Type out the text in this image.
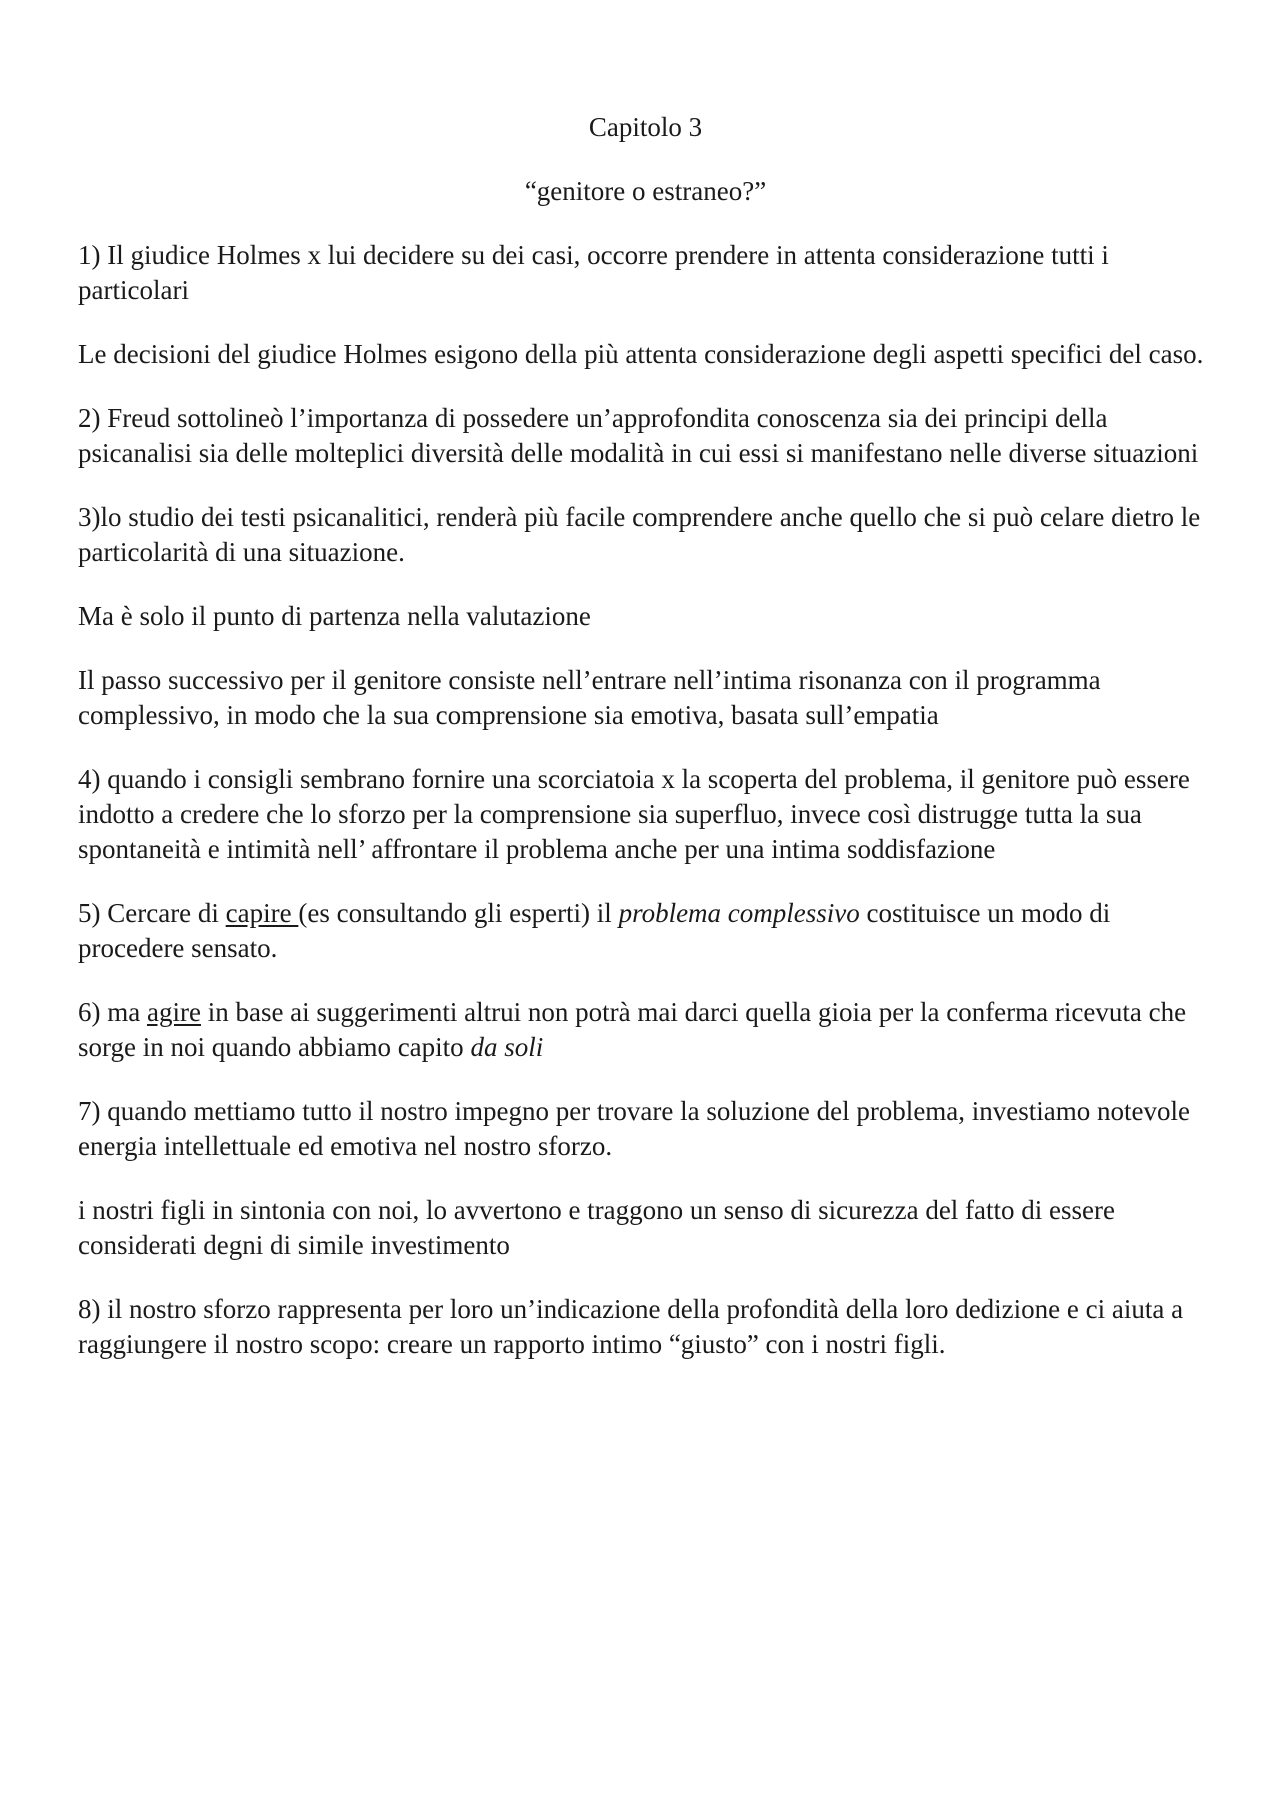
Capitolo 3
“genitore o estraneo?”

1) Il giudice Holmes x lui decidere su dei casi, occorre prendere in attenta considerazione tutti i particolari

Le decisioni del giudice Holmes esigono della più attenta considerazione degli aspetti specifici del caso.

2) Freud sottolineò l’importanza di possedere un’approfondita conoscenza sia dei principi della psicanalisi sia delle molteplici diversità delle modalità in cui essi si manifestano nelle diverse situazioni

3)lo studio dei testi psicanalitici, renderà più facile comprendere anche quello che si può celare dietro le particolarità di una situazione.

Ma è solo il punto di partenza nella valutazione

Il passo successivo per il genitore consiste nell’entrare nell’intima risonanza con il programma complessivo, in modo che la sua comprensione sia emotiva, basata sull’empatia

4) quando i consigli sembrano fornire una scorciatoia x la scoperta del problema, il genitore può essere indotto a credere che lo sforzo per la comprensione sia superfluo, invece così distrugge tutta la sua spontaneità e intimità nell’ affrontare il problema anche per una intima soddisfazione

5) Cercare di capire (es consultando gli esperti) il problema complessivo costituisce un modo di procedere sensato.

6) ma agire in base ai suggerimenti altrui non potrà mai darci quella gioia per la conferma ricevuta che sorge in noi quando abbiamo capito da soli

7) quando mettiamo tutto il nostro impegno per trovare la soluzione del problema, investiamo notevole energia intellettuale ed emotiva nel nostro sforzo.

i nostri figli in sintonia con noi, lo avvertono e traggono un senso di sicurezza del fatto di essere considerati degni di simile investimento

8) il nostro sforzo rappresenta per loro un’indicazione della profondità della loro dedizione e ci aiuta a raggiungere il nostro scopo: creare un rapporto intimo “giusto” con i nostri figli.
